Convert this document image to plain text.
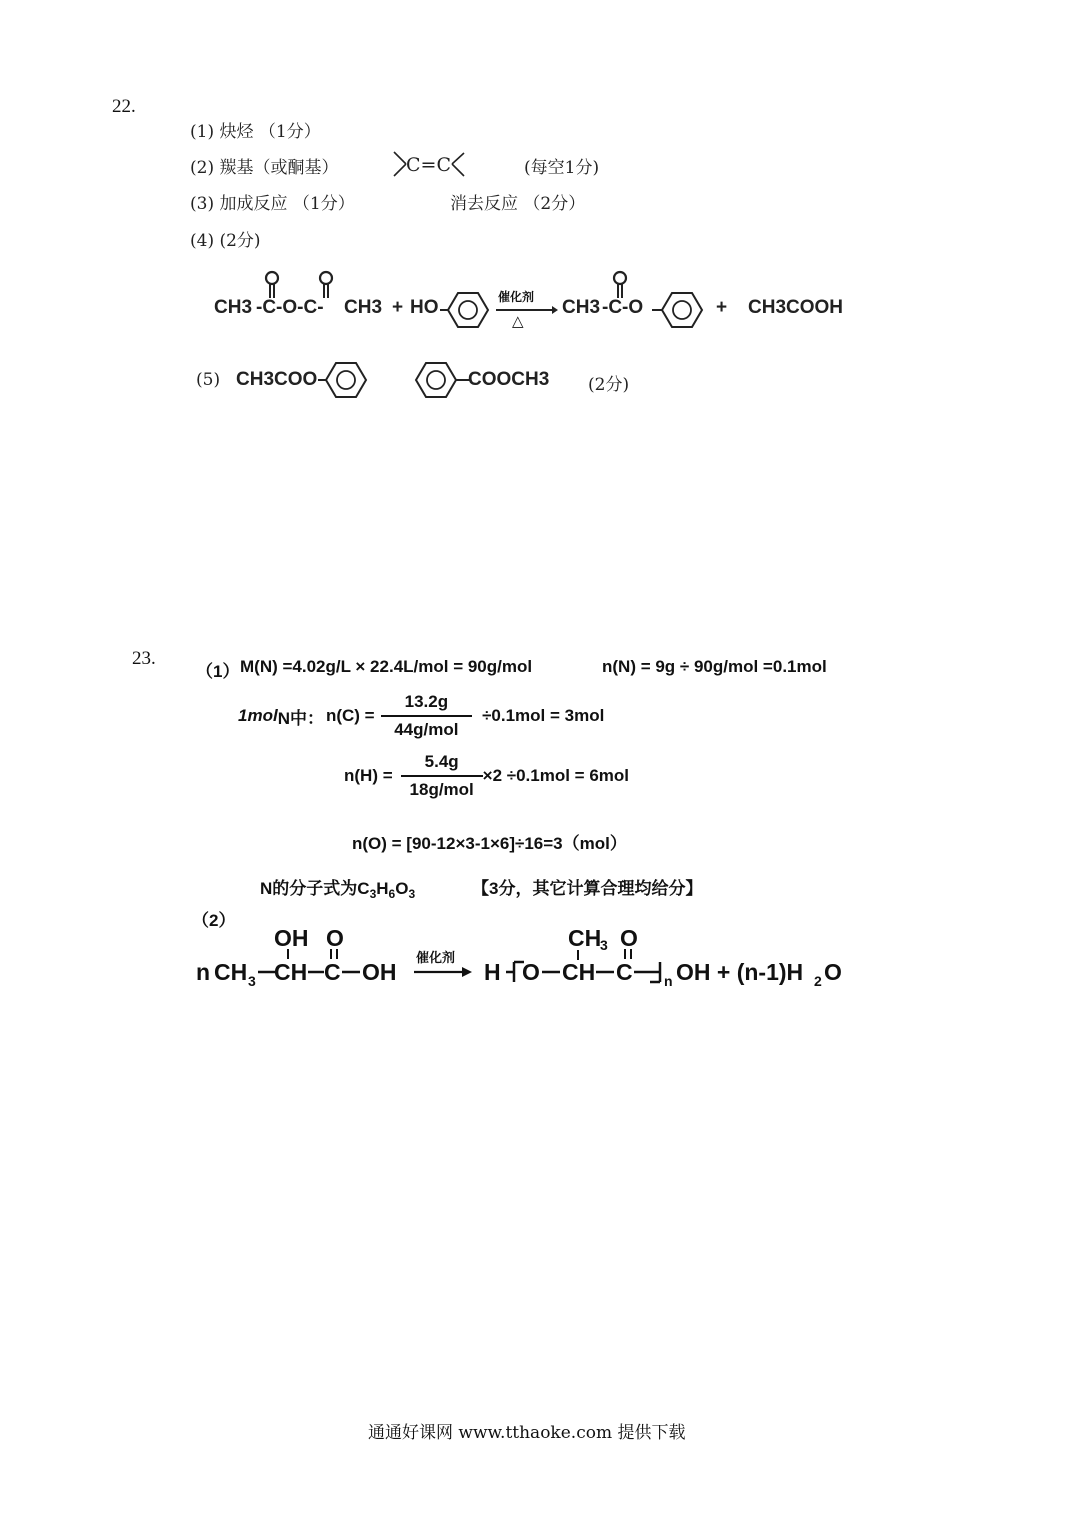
22.
(1) 炔烃 （1分）
(2) 羰基（或酮基）	C=C	(每空1分)
(3) 加成反应 （1分）	消去反应 （2分）
(4) (2分)
CH3 -C-O-C- CH3 + HO	催化剂
△
CH3 -C-O	+ CH3COOH
(5) CH3COO	COOCH3 (2分)
23.
（1） M(N) =4.02g/L × 22.4L/mol = 90g/mol	n(N) = 9g ÷ 90g/mol =0.1mol
1mol N中： $n(C) = \frac{13.2g}{\text{44g/mol}} \div 0.1mol = 3mol$
$n(H) = \frac{5.4g}{\text{18g/mol}} \times 2 \div 0.1mol = 6mol$
n(O) = [90-12×3-1×6]÷16=3（mol）
N的分子式为$C_3H_6O_3$	【3分，其它计算合理均给分】
（2）
n CH 3 CH C OH
OH O
催化剂
H O CH C n
CH
3 O
OH + (n-1)H 2 O
通通好课网 www.tthaoke.com 提供下载
